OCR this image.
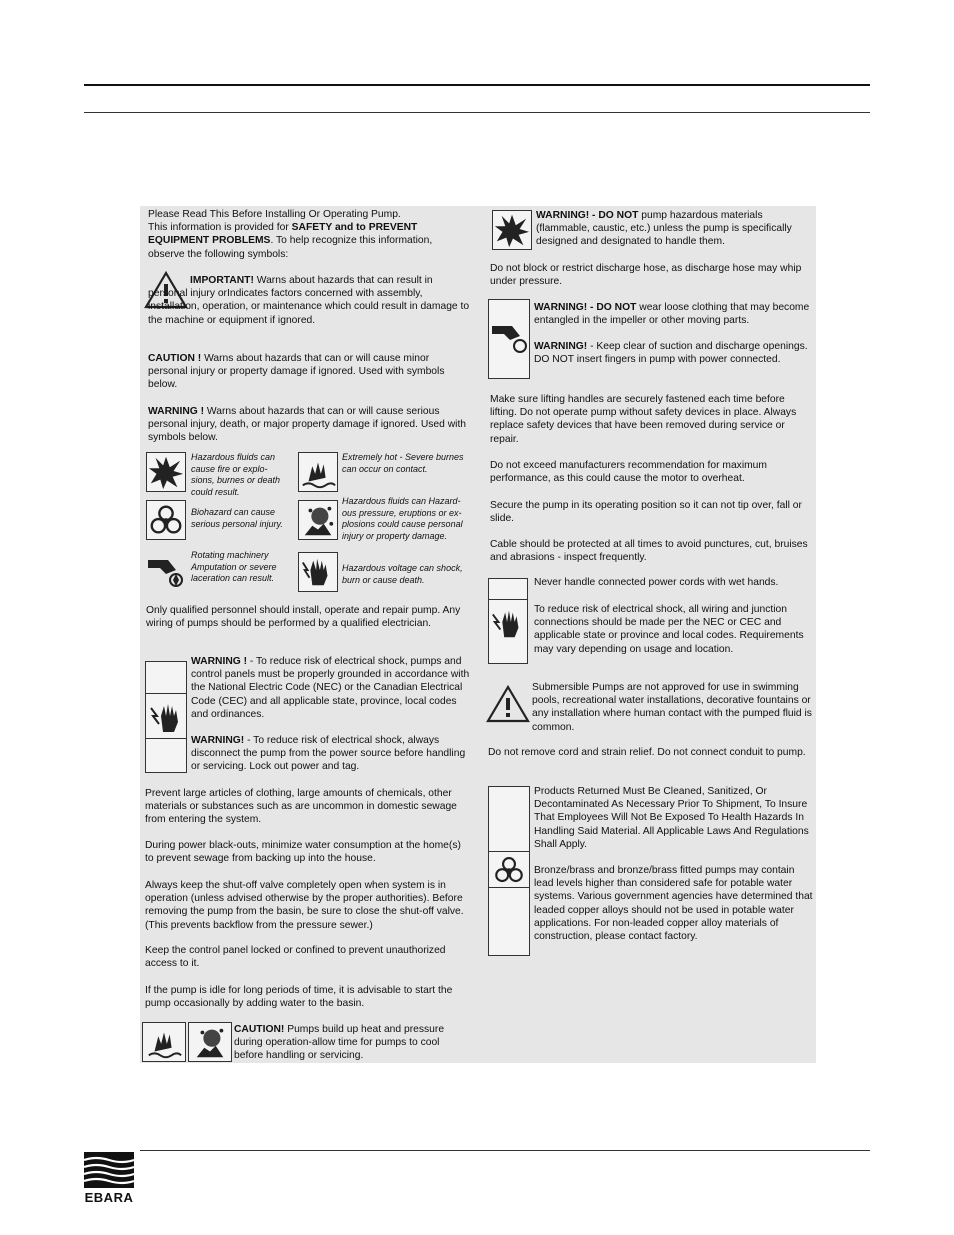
Please Read This Before Installing Or Operating Pump.

This information is provided for SAFETY and to PREVENT EQUIPMENT PROBLEMS. To help recognize this information, observe the following symbols:

IMPORTANT! Warns about hazards that can result in personal injury orIndicates factors concerned with assembly, installation, operation, or maintenance which could result in damage to the machine or equipment if ignored.

CAUTION ! Warns about hazards that can or will cause minor personal injury or property damage if ignored. Used with symbols below.

WARNING ! Warns about hazards that can or will cause serious personal injury, death, or major property damage if ignored. Used with symbols below.

Hazardous fluids can cause fire or explo- sions, burnes or death could result.
Extremely hot - Severe burnes can occur on contact.
Biohazard can cause serious personal injury.
Hazardous fluids can Hazard- ous pressure, eruptions or ex- plosions could cause personal injury or property damage.
Rotating machinery Amputation or severe laceration can result.
Hazardous voltage can shock, burn or cause death.
Only qualified personnel should install, operate and repair pump. Any wiring of pumps should be performed by a qualified electrician.

WARNING ! - To reduce risk of electrical shock, pumps and control panels must be properly grounded in accordance with the National Electric Code (NEC) or the Canadian Electrical Code (CEC) and all applicable state, province, local codes and ordinances.

WARNING! - To reduce risk of electrical shock, always disconnect the pump from the power source before handling or servicing. Lock out power and tag.

Prevent large articles of clothing, large amounts of chemicals, other materials or substances such as are uncommon in domestic sewage from entering the system.
During power black-outs, minimize water consumption at the home(s) to prevent sewage from backing up into the house.
Always keep the shut-off valve completely open when system is in operation (unless advised otherwise by the proper authorities). Before removing the pump from the basin, be sure to close the shut-off valve. (This prevents backflow from the pressure sewer.)
Keep the control panel locked or confined to prevent unauthorized access to it.
If the pump is idle for long periods of time, it is advisable to start the pump occasionally by adding water to the basin.

CAUTION! Pumps build up heat and pressure during operation-allow time for pumps to cool before handling or servicing.

WARNING! - DO NOT pump hazardous materials (flammable, caustic, etc.) unless the pump is specifically designed and designated to handle them.

Do not block or restrict discharge hose, as discharge hose may whip under pressure.

WARNING! - DO NOT wear loose clothing that may become entangled in the impeller or other moving parts.

WARNING! - Keep clear of suction and discharge openings. DO NOT insert fingers in pump with power connected.

Make sure lifting handles are securely fastened each time before lifting. Do not operate pump without safety devices in place. Always replace safety devices that have been removed during service or repair.
Do not exceed manufacturers recommendation for maximum performance, as this could cause the motor to overheat.
Secure the pump in its operating position so it can not tip over, fall or slide.
Cable should be protected at all times to avoid punctures, cut, bruises and abrasions - inspect frequently.
Never handle connected power cords with wet hands.
To reduce risk of electrical shock, all wiring and junction connections should be made per the NEC or CEC and applicable state or province and local codes. Requirements may vary depending on usage and location.
Submersible Pumps are not approved for use in swimming pools, recreational water installations, decorative fountains or any installation where human contact with the pumped fluid is common.
Do not remove cord and strain relief. Do not connect conduit to pump.
Products Returned Must Be Cleaned, Sanitized, Or Decontaminated As Necessary Prior To Shipment, To Insure That Employees Will Not Be Exposed To Health Hazards In Handling Said Material. All Applicable Laws And Regulations Shall Apply.
Bronze/brass and bronze/brass fitted pumps may contain lead levels higher than considered safe for potable water systems. Various government agencies have determined that leaded copper alloys should not be used in potable water applications. For non-leaded copper alloy materials of construction, please contact factory.
EBARA
